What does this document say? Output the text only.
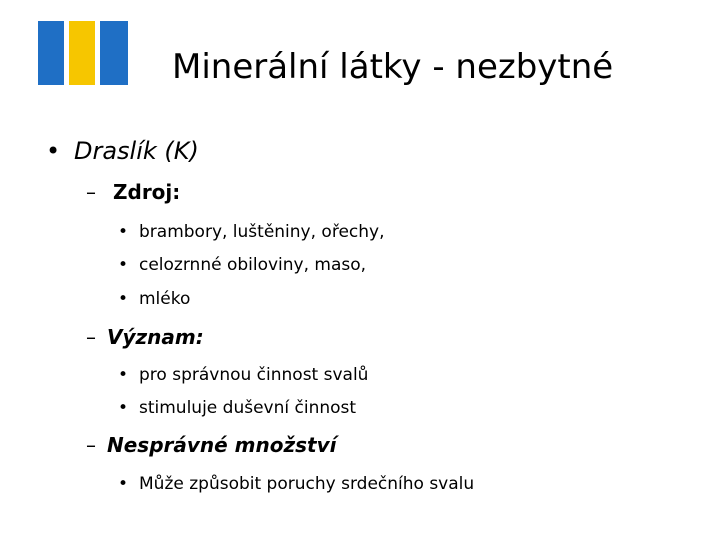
Minerální látky - nezbytné
• Draslík (K)
– Zdroj:
• brambory, luštěniny, ořechy,
• celozrnné obiloviny, maso,
• mléko
– Význam:
• pro správnou činnost svalů
• stimuluje duševní činnost
– Nesprávné množství
• Může způsobit poruchy srdečního svalu
